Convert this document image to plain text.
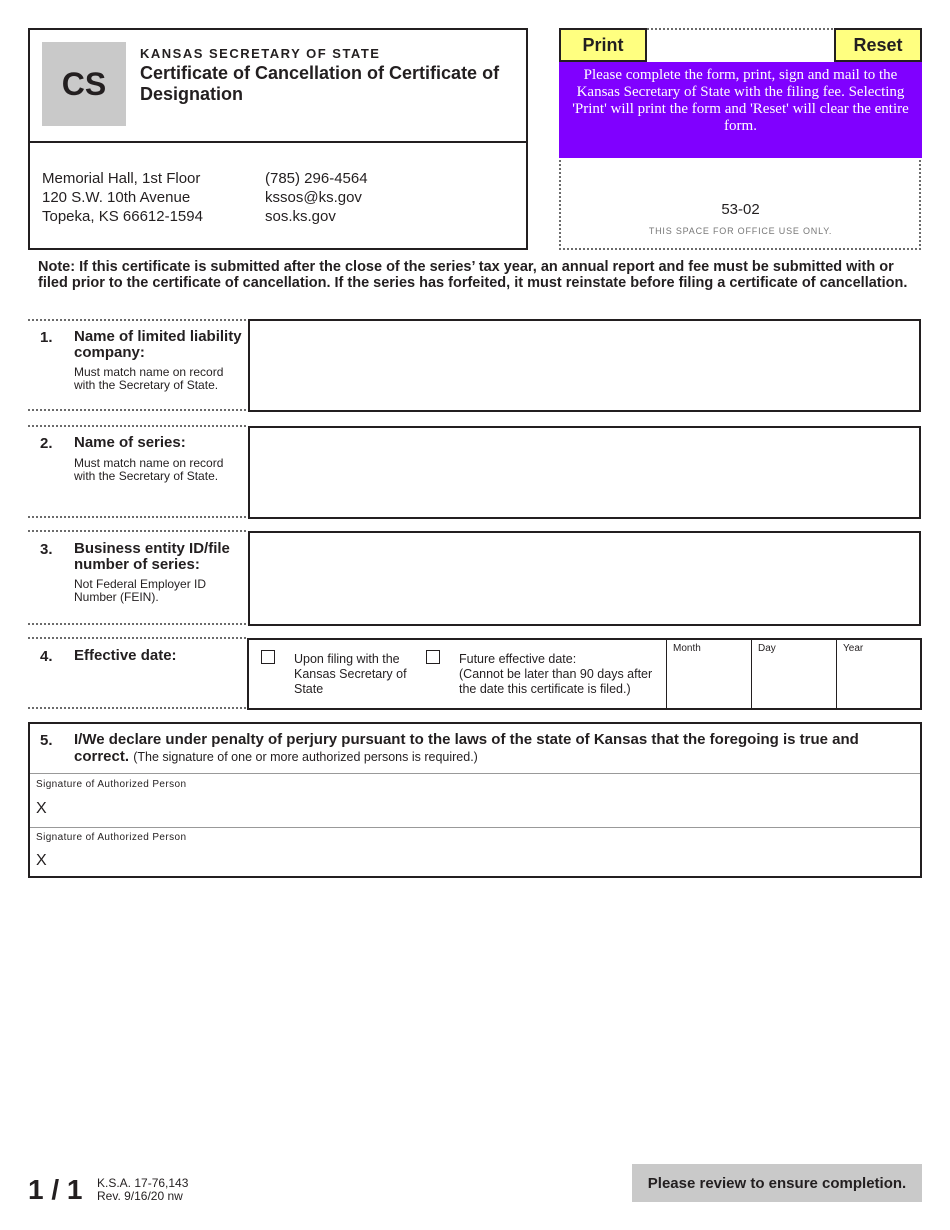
CS
KANSAS SECRETARY OF STATE
Certificate of Cancellation of Certificate of Designation
Memorial Hall, 1st Floor
120 S.W. 10th Avenue
Topeka, KS 66612-1594
(785) 296-4564
kssos@ks.gov
sos.ks.gov
Print	Reset
Please complete the form, print, sign and mail to the Kansas Secretary of State with the filing fee. Selecting 'Print' will print the form and 'Reset' will clear the entire form.
53-02
THIS SPACE FOR OFFICE USE ONLY.
Note: If this certificate is submitted after the close of the series’ tax year, an annual report and fee must be submitted with or filed prior to the certificate of cancellation. If the series has forfeited, it must reinstate before filing a certificate of cancellation.
1. Name of limited liability company:
Must match name on record with the Secretary of State.
2. Name of series:
Must match name on record with the Secretary of State.
3. Business entity ID/file number of series:
Not Federal Employer ID Number (FEIN).
4. Effective date:	Upon filing with the Kansas Secretary of State
Future effective date:
(Cannot be later than 90 days after the date this certificate is filed.)
Month	Day	Year
5. I/We declare under penalty of perjury pursuant to the laws of the state of Kansas that the foregoing is true and correct. (The signature of one or more authorized persons is required.)
Signature of Authorized Person
X
Signature of Authorized Person
X
1 / 1 K.S.A. 17-76,143
Rev. 9/16/20 nw
Please review to ensure completion.
